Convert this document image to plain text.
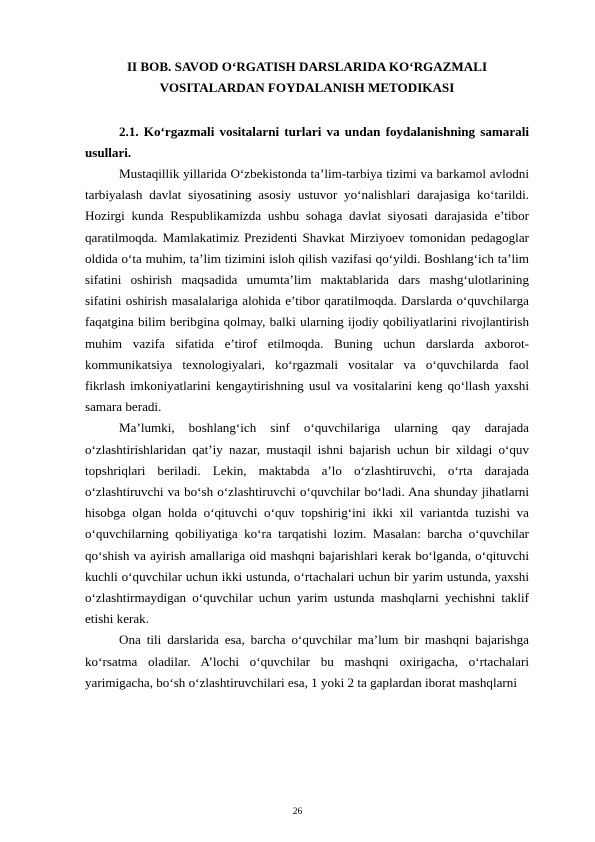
II BOB. SAVOD O‘RGATISH DARSLARIDA KO‘RGAZMALI VOSITALARDAN FOYDALANISH METODIKASI
2.1. Ko‘rgazmali vositalarni turlari va undan foydalanishning samarali usullari.

Mustaqillik yillarida O‘zbekistonda ta’lim-tarbiya tizimi va barkamol avlodni tarbiyalash davlat siyosatining asosiy ustuvor yo‘nalishlari darajasiga ko‘tarildi. Hozirgi kunda Respublikamizda ushbu sohaga davlat siyosati darajasida e’tibor qaratilmoqda. Mamlakatimiz Prezidenti Shavkat Mirziyoev tomonidan pedagoglar oldida o‘ta muhim, ta’lim tizimini isloh qilish vazifasi qo‘yildi. Boshlang‘ich ta’lim sifatini oshirish maqsadida umumta’lim maktablarida dars mashg‘ulotlarining sifatini oshirish masalalariga alohida e’tibor qaratilmoqda. Darslarda o‘quvchilarga faqatgina bilim beribgina qolmay, balki ularning ijodiy qobiliyatlarini rivojlantirish muhim vazifa sifatida e’tirof etilmoqda. Buning uchun darslarda axborot- kommunikatsiya texnologiyalari, ko‘rgazmali vositalar va o‘quvchilarda faol fikrlash imkoniyatlarini kengaytirishning usul va vositalarini keng qo‘llash yaxshi samara beradi.

Ma’lumki, boshlang‘ich sinf o‘quvchilariga ularning qay darajada o‘zlashtirishlaridan qat’iy nazar, mustaqil ishni bajarish uchun bir xildagi o‘quv topshriqlari beriladi. Lekin, maktabda a’lo o‘zlashtiruvchi, o‘rta darajada o‘zlashtiruvchi va bo‘sh o‘zlashtiruvchi o‘quvchilar bo‘ladi. Ana shunday jihatlarni hisobga olgan holda o‘qituvchi o‘quv topshirig‘ini ikki xil variantda tuzishi va o‘quvchilarning qobiliyatiga ko‘ra tarqatishi lozim. Masalan: barcha o‘quvchilar qo‘shish va ayirish amallariga oid mashqni bajarishlari kerak bo‘lganda, o‘qituvchi kuchli o‘quvchilar uchun ikki ustunda, o‘rtachalari uchun bir yarim ustunda, yaxshi o‘zlashtirmaydigan o‘quvchilar uchun yarim ustunda mashqlarni yechishni taklif etishi kerak.

Ona tili darslarida esa, barcha o‘quvchilar ma’lum bir mashqni bajarishga ko‘rsatma oladilar. A’lochi o‘quvchilar bu mashqni oxirigacha, o‘rtachalari yarimigacha, bo‘sh o‘zlashtiruvchilari esa, 1 yoki 2 ta gaplardan iborat mashqlarni

26
